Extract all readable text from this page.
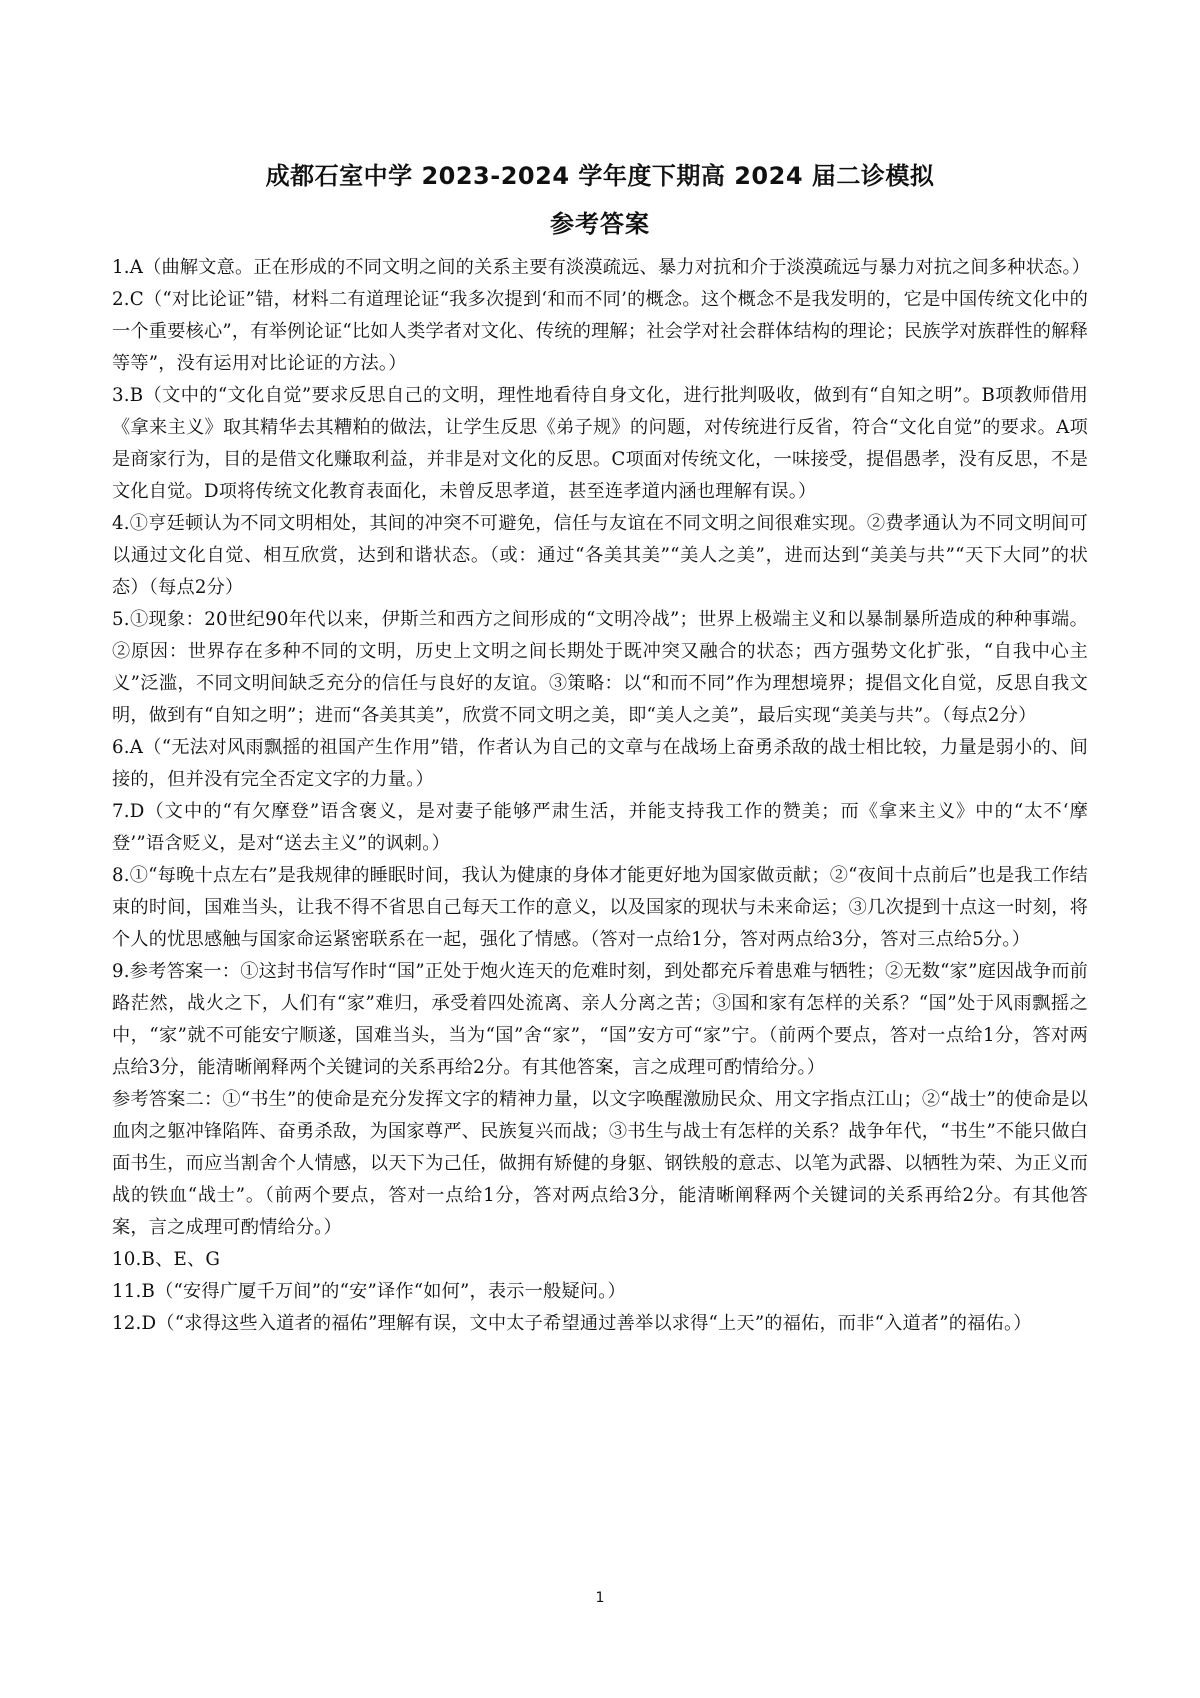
成都石室中学 2023-2024 学年度下期高 2024 届二诊模拟
参考答案

1.A（曲解文意。正在形成的不同文明之间的关系主要有淡漠疏远、暴力对抗和介于淡漠疏远与暴力对抗之间多种状态。）

2.C（“对比论证”错，材料二有道理论证“我多次提到‘和而不同’的概念。这个概念不是我发明的，它是中国传统文化中的一个重要核心”，有举例论证“比如人类学者对文化、传统的理解；社会学对社会群体结构的理论；民族学对族群性的解释等等”，没有运用对比论证的方法。）

3.B（文中的“文化自觉”要求反思自己的文明，理性地看待自身文化，进行批判吸收，做到有“自知之明”。B项教师借用《拿来主义》取其精华去其糟粕的做法，让学生反思《弟子规》的问题，对传统进行反省，符合“文化自觉”的要求。A项是商家行为，目的是借文化赚取利益，并非是对文化的反思。C项面对传统文化，一味接受，提倡愚孝，没有反思，不是文化自觉。D项将传统文化教育表面化，未曾反思孝道，甚至连孝道内涵也理解有误。）

4.①亨廷顿认为不同文明相处，其间的冲突不可避免，信任与友谊在不同文明之间很难实现。②费孝通认为不同文明间可以通过文化自觉、相互欣赏，达到和谐状态。（或：通过“各美其美”“美人之美”，进而达到“美美与共”“天下大同”的状态）（每点2分）

5.①现象：20世纪90年代以来，伊斯兰和西方之间形成的“文明冷战”；世界上极端主义和以暴制暴所造成的种种事端。②原因：世界存在多种不同的文明，历史上文明之间长期处于既冲突又融合的状态；西方强势文化扩张，“自我中心主义”泛滥，不同文明间缺乏充分的信任与良好的友谊。③策略：以“和而不同”作为理想境界；提倡文化自觉，反思自我文明，做到有“自知之明”；进而“各美其美”，欣赏不同文明之美，即“美人之美”，最后实现“美美与共”。（每点2分）

6.A（“无法对风雨飘摇的祖国产生作用”错，作者认为自己的文章与在战场上奋勇杀敌的战士相比较，力量是弱小的、间接的，但并没有完全否定文字的力量。）

7.D（文中的“有欠摩登”语含褒义，是对妻子能够严肃生活，并能支持我工作的赞美；而《拿来主义》中的“太不‘摩登’”语含贬义，是对“送去主义”的讽刺。）

8.①“每晚十点左右”是我规律的睡眠时间，我认为健康的身体才能更好地为国家做贡献；②“夜间十点前后”也是我工作结束的时间，国难当头，让我不得不省思自己每天工作的意义，以及国家的现状与未来命运；③几次提到十点这一时刻，将个人的忧思感触与国家命运紧密联系在一起，强化了情感。（答对一点给1分，答对两点给3分，答对三点给5分。）

9.参考答案一：①这封书信写作时“国”正处于炮火连天的危难时刻，到处都充斥着患难与牺牲；②无数“家”庭因战争而前路茫然，战火之下，人们有“家”难归，承受着四处流离、亲人分离之苦；③国和家有怎样的关系？“国”处于风雨飘摇之中，“家”就不可能安宁顺遂，国难当头，当为“国”舍“家”，“国”安方可“家”宁。（前两个要点，答对一点给1分，答对两点给3分，能清晰阐释两个关键词的关系再给2分。有其他答案，言之成理可酌情给分。）

参考答案二：①“书生”的使命是充分发挥文字的精神力量，以文字唤醒激励民众、用文字指点江山；②“战士”的使命是以血肉之躯冲锋陷阵、奋勇杀敌，为国家尊严、民族复兴而战；③书生与战士有怎样的关系？战争年代，“书生”不能只做白面书生，而应当割舍个人情感，以天下为己任，做拥有矫健的身躯、钢铁般的意志、以笔为武器、以牺牲为荣、为正义而战的铁血“战士”。（前两个要点，答对一点给1分，答对两点给3分，能清晰阐释两个关键词的关系再给2分。有其他答案，言之成理可酌情给分。）

10.B、E、G

11.B（“安得广厦千万间”的“安”译作“如何”，表示一般疑问。）

12.D（“求得这些入道者的福佑”理解有误，文中太子希望通过善举以求得“上天”的福佑，而非“入道者”的福佑。）

1
